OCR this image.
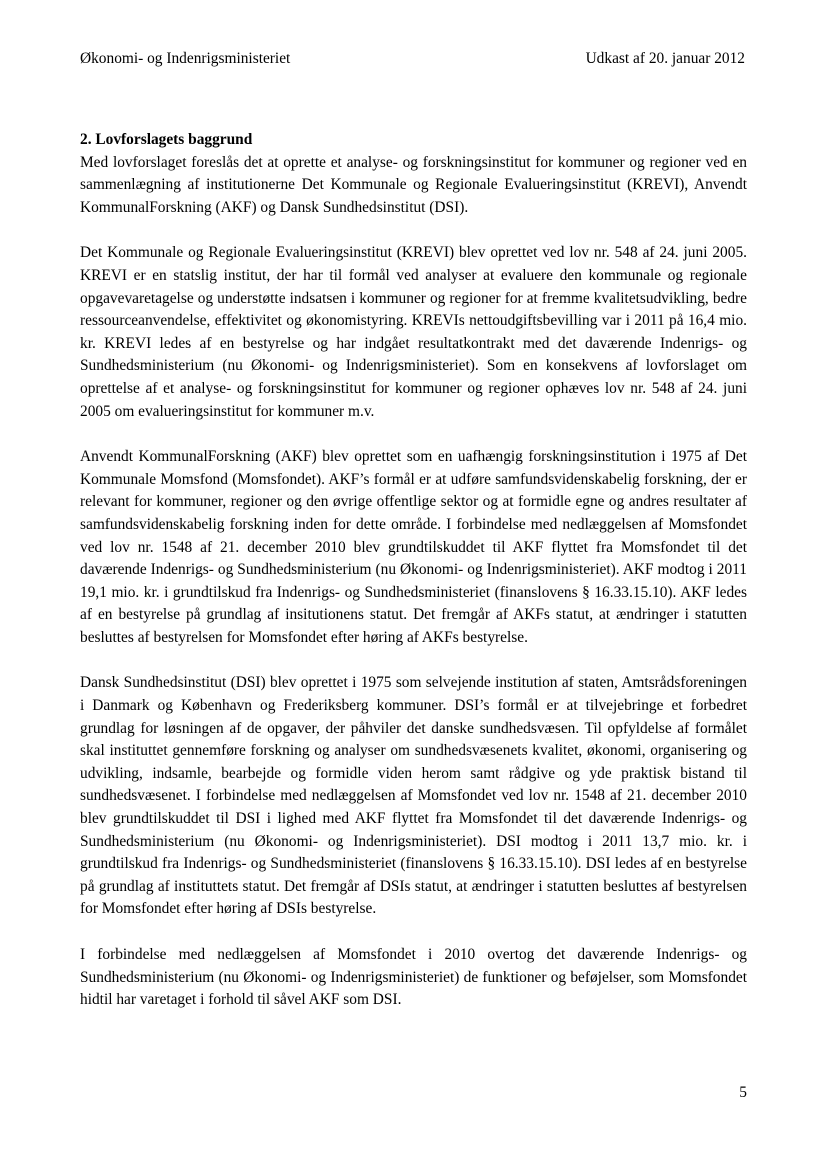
Økonomi- og Indenrigsministeriet	Udkast af 20. januar 2012

2. Lovforslagets baggrund

Med lovforslaget foreslås det at oprette et analyse- og forskningsinstitut for kommuner og regioner ved en sammenlægning af institutionerne Det Kommunale og Regionale Evalueringsinstitut (KREVI), Anvendt KommunalForskning (AKF) og Dansk Sundhedsinstitut (DSI).

Det Kommunale og Regionale Evalueringsinstitut (KREVI) blev oprettet ved lov nr. 548 af 24. juni 2005. KREVI er en statslig institut, der har til formål ved analyser at evaluere den kommunale og regionale opgavevaretagelse og understøtte indsatsen i kommuner og regioner for at fremme kvalitetsudvikling, bedre ressourceanvendelse, effektivitet og økonomistyring. KREVIs nettoudgiftsbevilling var i 2011 på 16,4 mio. kr. KREVI ledes af en bestyrelse og har indgået resultatkontrakt med det daværende Indenrigs- og Sundhedsministerium (nu Økonomi- og Indenrigsministeriet). Som en konsekvens af lovforslaget om oprettelse af et analyse- og forskningsinstitut for kommuner og regioner ophæves lov nr. 548 af 24. juni 2005 om evalueringsinstitut for kommuner m.v.

Anvendt KommunalForskning (AKF) blev oprettet som en uafhængig forskningsinstitution i 1975 af Det Kommunale Momsfond (Momsfondet). AKF’s formål er at udføre samfundsvidenskabelig forskning, der er relevant for kommuner, regioner og den øvrige offentlige sektor og at formidle egne og andres resultater af samfundsvidenskabelig forskning inden for dette område. I forbindelse med nedlæggelsen af Momsfondet ved lov nr. 1548 af 21. december 2010 blev grundtilskuddet til AKF flyttet fra Momsfondet til det daværende Indenrigs- og Sundhedsministerium (nu Økonomi- og Indenrigsministeriet). AKF modtog i 2011 19,1 mio. kr. i grundtilskud fra Indenrigs- og Sundhedsministeriet (finanslovens § 16.33.15.10). AKF ledes af en bestyrelse på grundlag af insitutionens statut. Det fremgår af AKFs statut, at ændringer i statutten besluttes af bestyrelsen for Momsfondet efter høring af AKFs bestyrelse.

Dansk Sundhedsinstitut (DSI) blev oprettet i 1975 som selvejende institution af staten, Amtsrådsforeningen i Danmark og København og Frederiksberg kommuner. DSI’s formål er at tilvejebringe et forbedret grundlag for løsningen af de opgaver, der påhviler det danske sundhedsvæsen. Til opfyldelse af formålet skal instituttet gennemføre forskning og analyser om sundhedsvæsenets kvalitet, økonomi, organisering og udvikling, indsamle, bearbejde og formidle viden herom samt rådgive og yde praktisk bistand til sundhedsvæsenet. I forbindelse med nedlæggelsen af Momsfondet ved lov nr. 1548 af 21. december 2010 blev grundtilskuddet til DSI i lighed med AKF flyttet fra Momsfondet til det daværende Indenrigs- og Sundhedsministerium (nu Økonomi- og Indenrigsministeriet). DSI modtog i 2011 13,7 mio. kr. i grundtilskud fra Indenrigs- og Sundhedsministeriet (finanslovens § 16.33.15.10). DSI ledes af en bestyrelse på grundlag af instituttets statut. Det fremgår af DSIs statut, at ændringer i statutten besluttes af bestyrelsen for Momsfondet efter høring af DSIs bestyrelse.

I forbindelse med nedlæggelsen af Momsfondet i 2010 overtog det daværende Indenrigs- og Sundhedsministerium (nu Økonomi- og Indenrigsministeriet) de funktioner og beføjelser, som Momsfondet hidtil har varetaget i forhold til såvel AKF som DSI.

5
